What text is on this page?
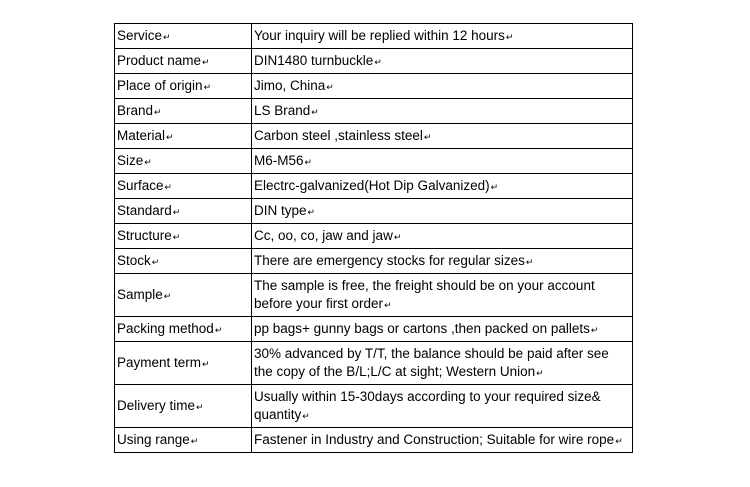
Service↵	Your inquiry will be replied within 12 hours↵

Product name↵	DIN1480 turnbuckle↵

Place of origin↵	Jimo, China↵

Brand↵	LS Brand↵

Material↵	Carbon steel ,stainless steel↵

Size↵	M6-M56↵

Surface↵	Electrc-galvanized(Hot Dip Galvanized)↵

Standard↵	DIN type↵

Structure↵	Cc, oo, co, jaw and jaw↵

Stock↵	There are emergency stocks for regular sizes↵

Sample↵	The sample is free, the freight should be on your account
before your first order↵

Packing method↵	pp bags+ gunny bags or cartons ,then packed on pallets↵

Payment term↵	30% advanced by T/T, the balance should be paid after see
the copy of the B/L;L/C at sight; Western Union↵

Delivery time↵	Usually within 15-30days according to your required size&
quantity↵

Using range↵	Fastener in Industry and Construction; Suitable for wire rope↵
